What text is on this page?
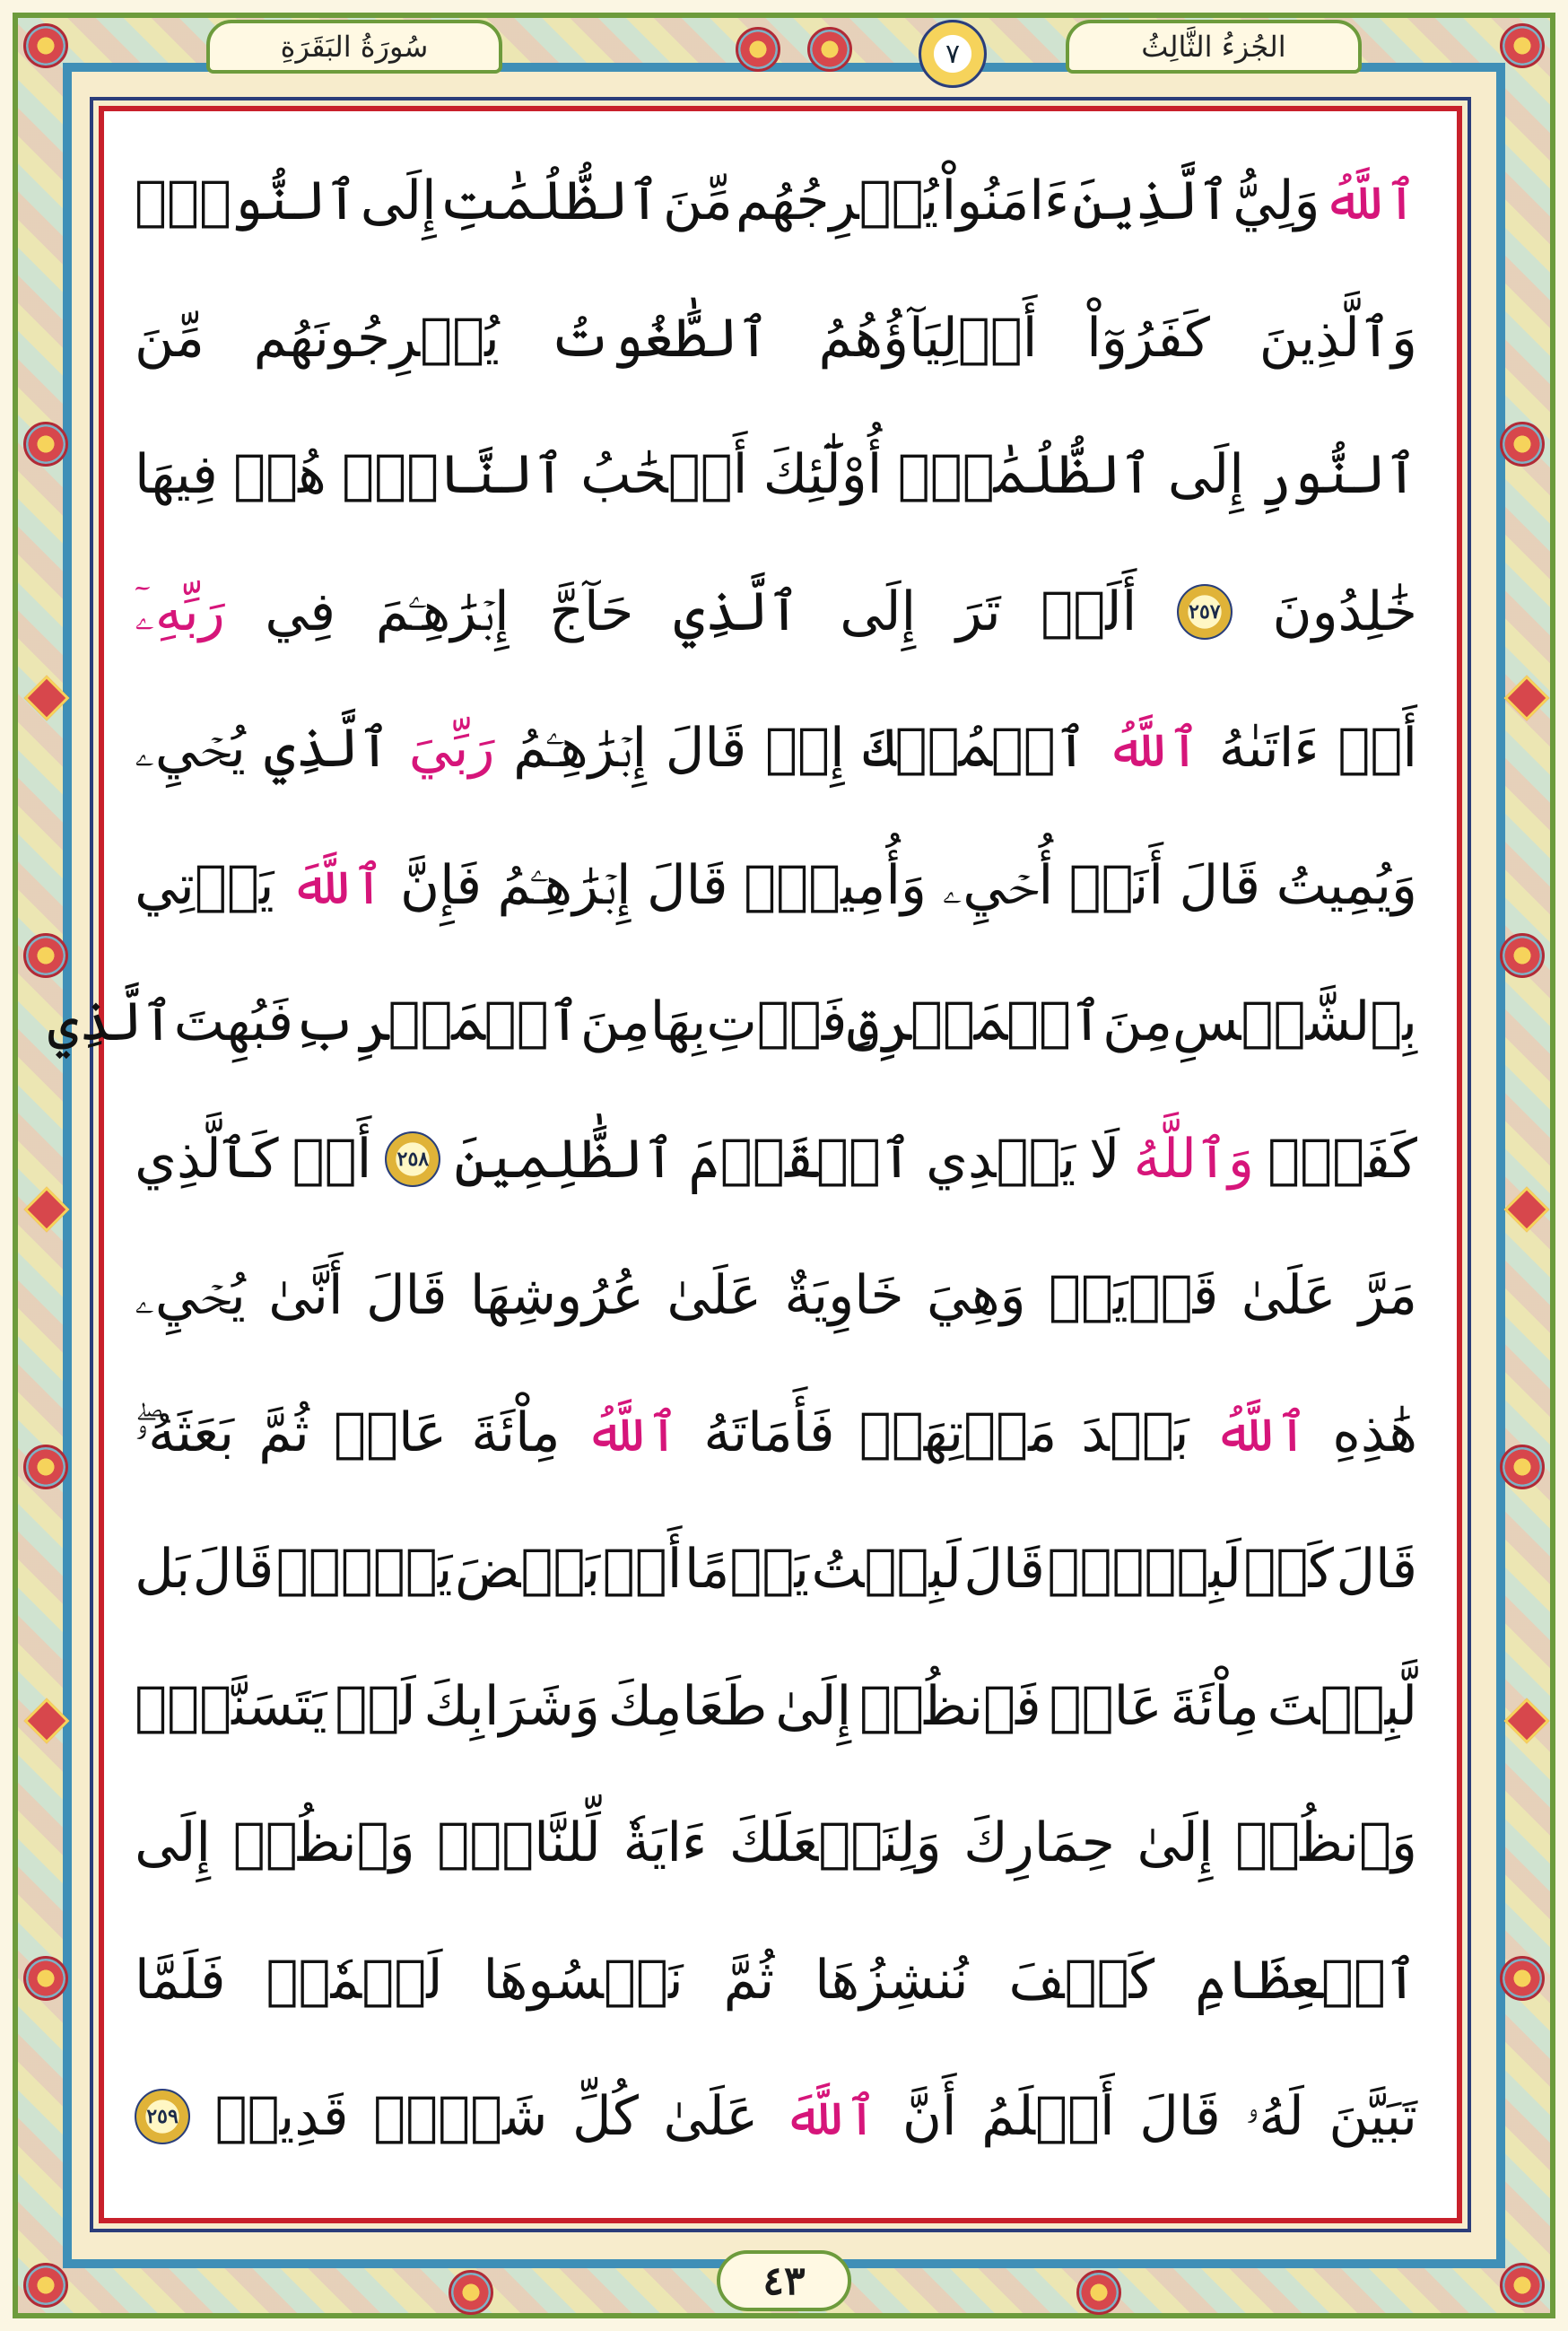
سُورَةُ البَقَرَةِ	٧	الجُزءُ الثَّالِثُ
ٱللَّهُ
وَلِيُّ
ٱلَّذِينَ
ءَامَنُواْ
يُخۡرِجُهُم
مِّنَ
ٱلظُّلُمَٰتِ
إِلَى
ٱلنُّورِۖ
وَٱلَّذِينَ
كَفَرُوٓاْ
أَوۡلِيَآؤُهُمُ
ٱلطَّٰغُوتُ
يُخۡرِجُونَهُم
مِّنَ
ٱلنُّورِ
إِلَى
ٱلظُّلُمَٰتِۗ
أُوْلَٰٓئِكَ
أَصۡحَٰبُ
ٱلنَّارِۖ
هُمۡ
فِيهَا
خَٰلِدُونَ
٢٥٧
أَلَمۡ
تَرَ
إِلَى
ٱلَّذِي
حَآجَّ
إِبۡرَٰهِـۧمَ
فِي
رَبِّهِۦٓ
أَنۡ
ءَاتَىٰهُ
ٱللَّهُ
ٱلۡمُلۡكَ
إِذۡ
قَالَ
إِبۡرَٰهِـۧمُ
رَبِّيَ
ٱلَّذِي
يُحۡيِۦ
وَيُمِيتُ
قَالَ
أَنَا۠
أُحۡيِۦ
وَأُمِيتُۖ
قَالَ
إِبۡرَٰهِـۧمُ
فَإِنَّ
ٱللَّهَ
يَأۡتِي
بِٱلشَّمۡسِ
مِنَ
ٱلۡمَشۡرِقِ
فَأۡتِ
بِهَا
مِنَ
ٱلۡمَغۡرِبِ
فَبُهِتَ
ٱلَّذِي
كَفَرَۗ
وَٱللَّهُ
لَا
يَهۡدِي
ٱلۡقَوۡمَ
ٱلظَّٰلِمِينَ
٢٥٨
أَوۡ
كَٱلَّذِي
مَرَّ
عَلَىٰ
قَرۡيَةٖ
وَهِيَ
خَاوِيَةٌ
عَلَىٰ
عُرُوشِهَا
قَالَ
أَنَّىٰ
يُحۡيِۦ
هَٰذِهِ
ٱللَّهُ
بَعۡدَ
مَوۡتِهَاۖ
فَأَمَاتَهُ
ٱللَّهُ
مِاْئَةَ
عَامٖ
ثُمَّ
بَعَثَهُۥۖ
قَالَ
كَمۡ
لَبِثۡتَۖ
قَالَ
لَبِثۡتُ
يَوۡمًا
أَوۡ
بَعۡضَ
يَوۡمٖۖ
قَالَ
بَل
لَّبِثۡتَ
مِاْئَةَ
عَامٖ
فَٱنظُرۡ
إِلَىٰ
طَعَامِكَ
وَشَرَابِكَ
لَمۡ
يَتَسَنَّهۡۖ
وَٱنظُرۡ
إِلَىٰ
حِمَارِكَ
وَلِنَجۡعَلَكَ
ءَايَةٗ
لِّلنَّاسِۖ
وَٱنظُرۡ
إِلَى
ٱلۡعِظَامِ
كَيۡفَ
نُنشِزُهَا
ثُمَّ
نَكۡسُوهَا
لَحۡمٗاۚ
فَلَمَّا
تَبَيَّنَ
لَهُۥ
قَالَ
أَعۡلَمُ
أَنَّ
ٱللَّهَ
عَلَىٰ
كُلِّ
شَيۡءٖ
قَدِيرٞ
٢٥٩
٤٣
